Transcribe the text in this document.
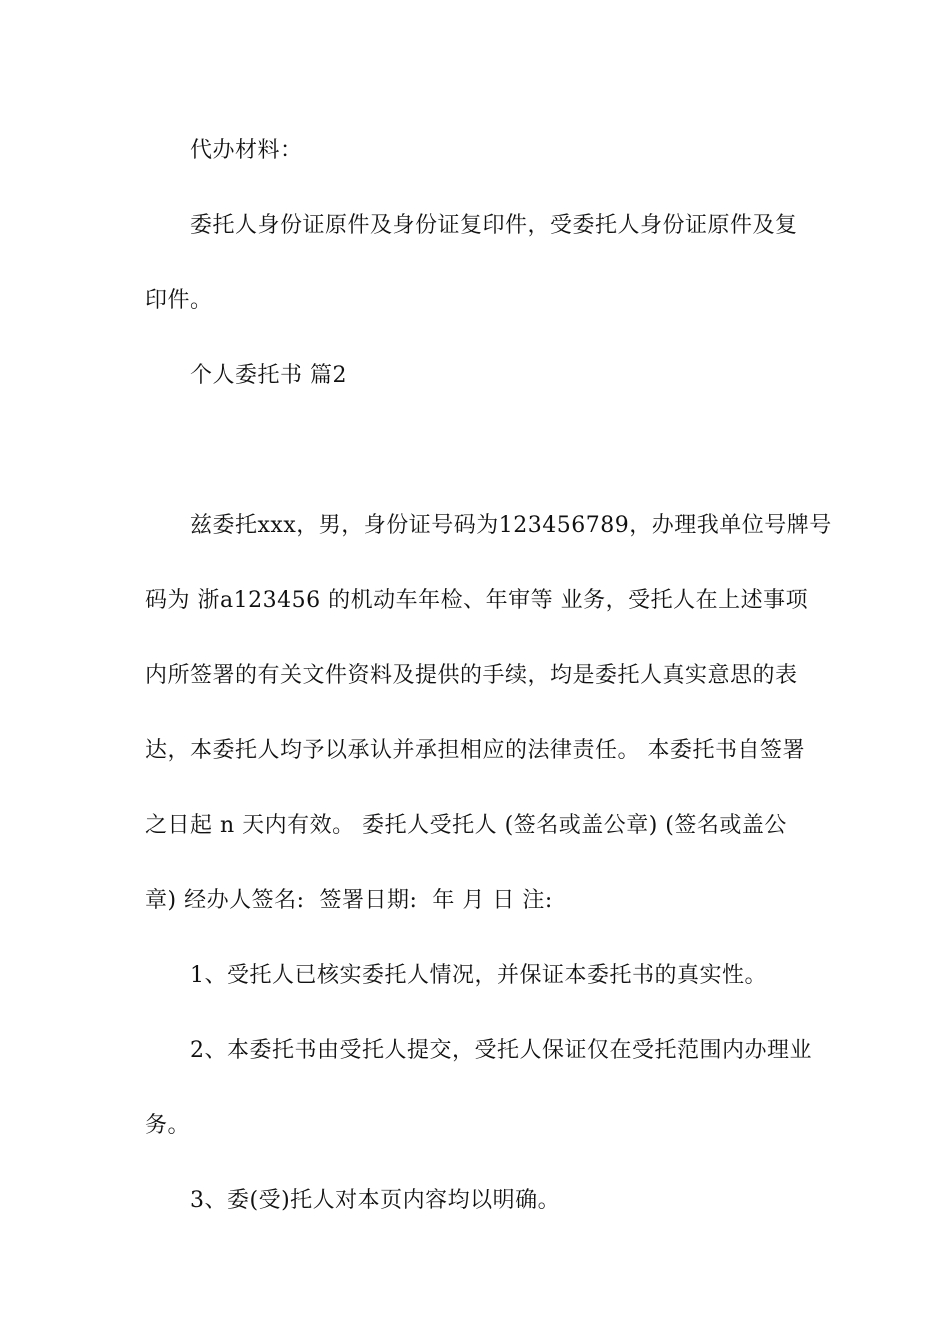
代办材料：
委托人身份证原件及身份证复印件，受委托人身份证原件及复
印件。
个人委托书 篇2
兹委托xxx，男，身份证号码为123456789，办理我单位号牌号
码为 浙a123456 的机动车年检、年审等 业务，受托人在上述事项
内所签署的有关文件资料及提供的手续，均是委托人真实意思的表
达，本委托人均予以承认并承担相应的法律责任。 本委托书自签署
之日起 n 天内有效。 委托人受托人 (签名或盖公章) (签名或盖公
章) 经办人签名:  签署日期:  年 月 日 注:
1、受托人已核实委托人情况，并保证本委托书的真实性。
2、本委托书由受托人提交，受托人保证仅在受托范围内办理业
务。
3、委(受)托人对本页内容均以明确。
